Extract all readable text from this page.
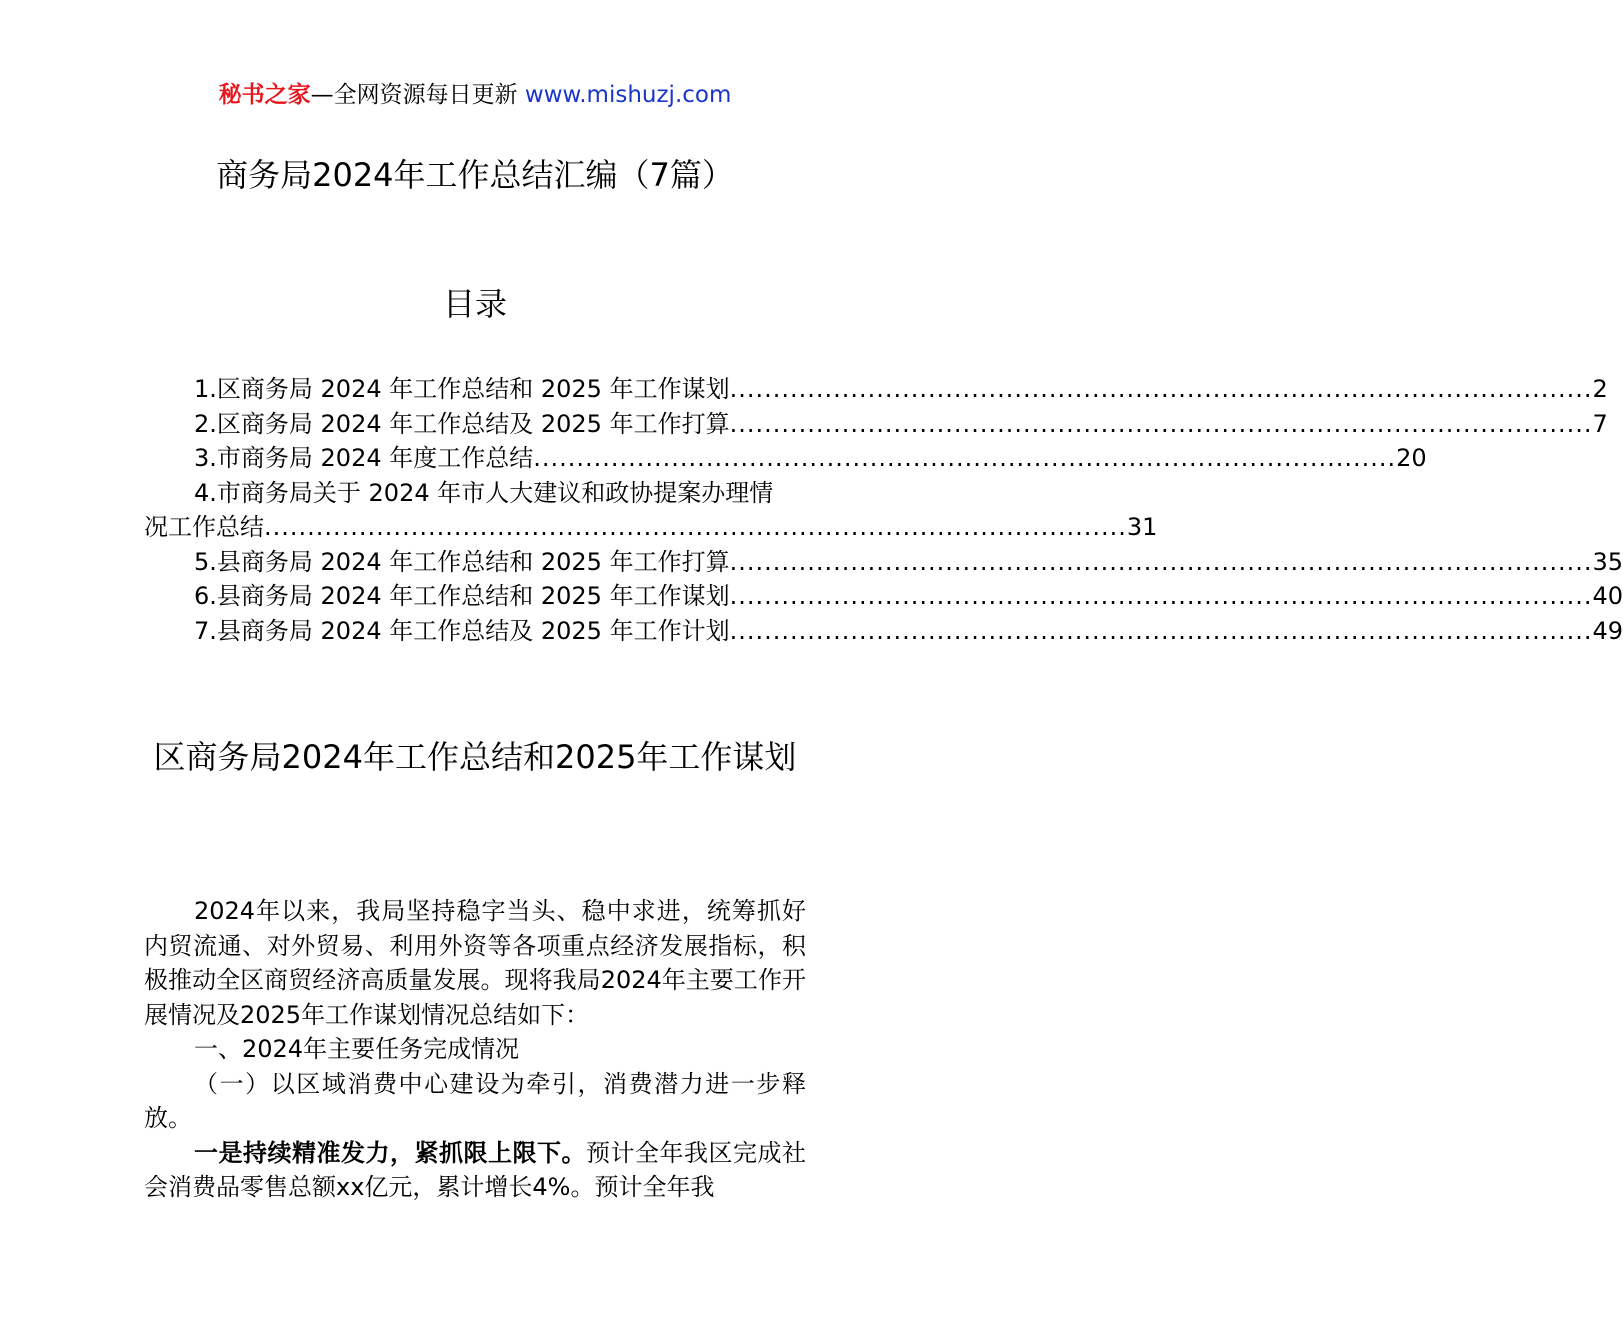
秘书之家—全网资源每日更新 www.mishuzj.com
商务局2024年工作总结汇编（7篇）
目录
1.区商务局 2024 年工作总结和 2025 年工作谋划 .................................................................................................... 2
2.区商务局 2024 年工作总结及 2025 年工作打算 .................................................................................................... 7
3.市商务局 2024 年度工作总结 .................................................................................................... 20
4.市商务局关于 2024 年市人大建议和政协提案办理情
况工作总结 .................................................................................................... 31
5.县商务局 2024 年工作总结和 2025 年工作打算 .................................................................................................... 35
6.县商务局 2024 年工作总结和 2025 年工作谋划 .................................................................................................... 40
7.县商务局 2024 年工作总结及 2025 年工作计划 .................................................................................................... 49
区商务局2024年工作总结和2025年工作谋划

2024年以来，我局坚持稳字当头、稳中求进，统筹抓好内贸流通、对外贸易、利用外资等各项重点经济发展指标，积极推动全区商贸经济高质量发展。现将我局2024年主要工作开展情况及2025年工作谋划情况总结如下：

一、2024年主要任务完成情况

（一）以区域消费中心建设为牵引，消费潜力进一步释放。

一是持续精准发力，紧抓限上限下。预计全年我区完成社会消费品零售总额xx亿元，累计增长4%。预计全年我
